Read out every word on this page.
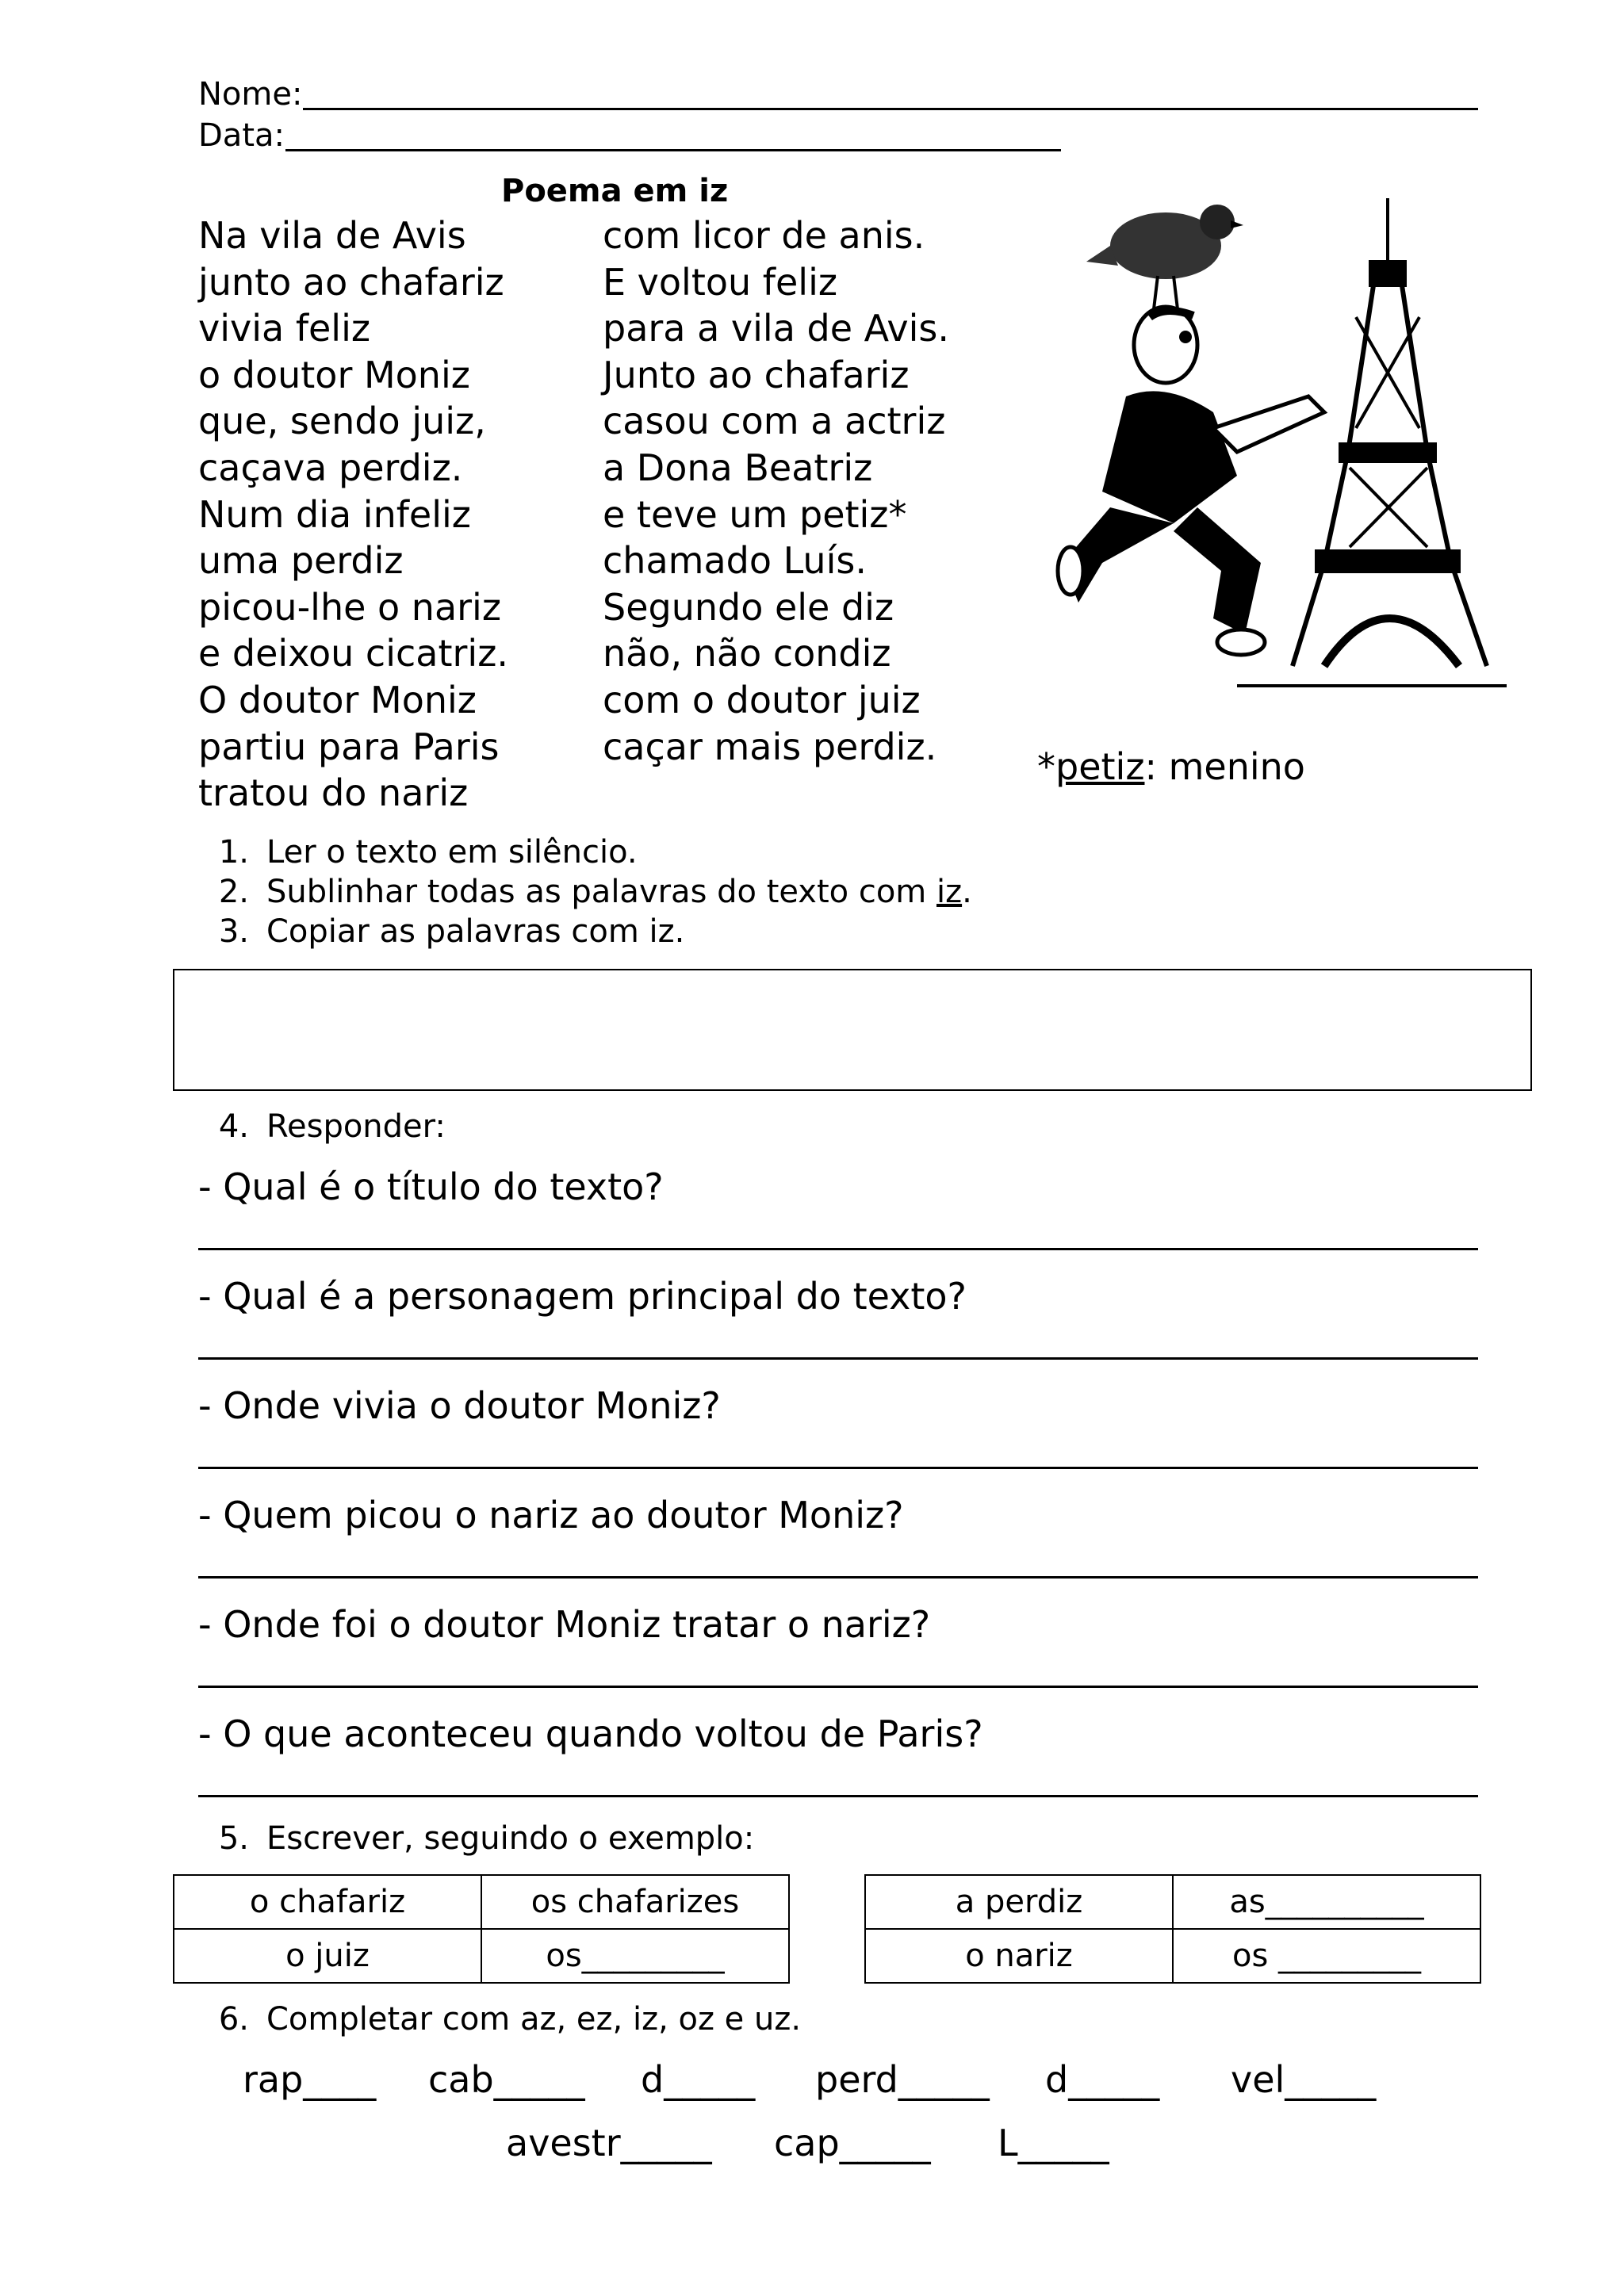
Nome:
Data:
Poema em iz
Na vila de Avis
junto ao chafariz
vivia feliz
o doutor Moniz
que, sendo juiz,
caçava perdiz.
Num dia infeliz
uma perdiz
picou-lhe o nariz
e deixou cicatriz.
O doutor Moniz
partiu para Paris
tratou do nariz
com licor de anis.
E voltou feliz
para a vila de Avis.
Junto ao chafariz
casou com a actriz
a Dona Beatriz
e teve um petiz*
chamado Luís.
Segundo ele diz
não, não condiz
com o doutor juiz
caçar mais perdiz.	*petiz: menino
1. Ler o texto em silêncio.
2. Sublinhar todas as palavras do texto com iz.
3. Copiar as palavras com iz.
4. Responder:
- Qual é o título do texto?
- Qual é a personagem principal do texto?
- Onde vivia o doutor Moniz?
- Quem picou o nariz ao doutor Moniz?
- Onde foi o doutor Moniz tratar o nariz?
- O que aconteceu quando voltou de Paris?
5. Escrever, seguindo o exemplo:
o chafariz	os chafarizes
o juiz	os_________
a perdiz	as__________
o nariz	os _________
6. Completar com az, ez, iz, oz e uz.
rap____ cab_____ d_____ perd_____ d_____ vel_____
avestr_____ cap_____ L_____
